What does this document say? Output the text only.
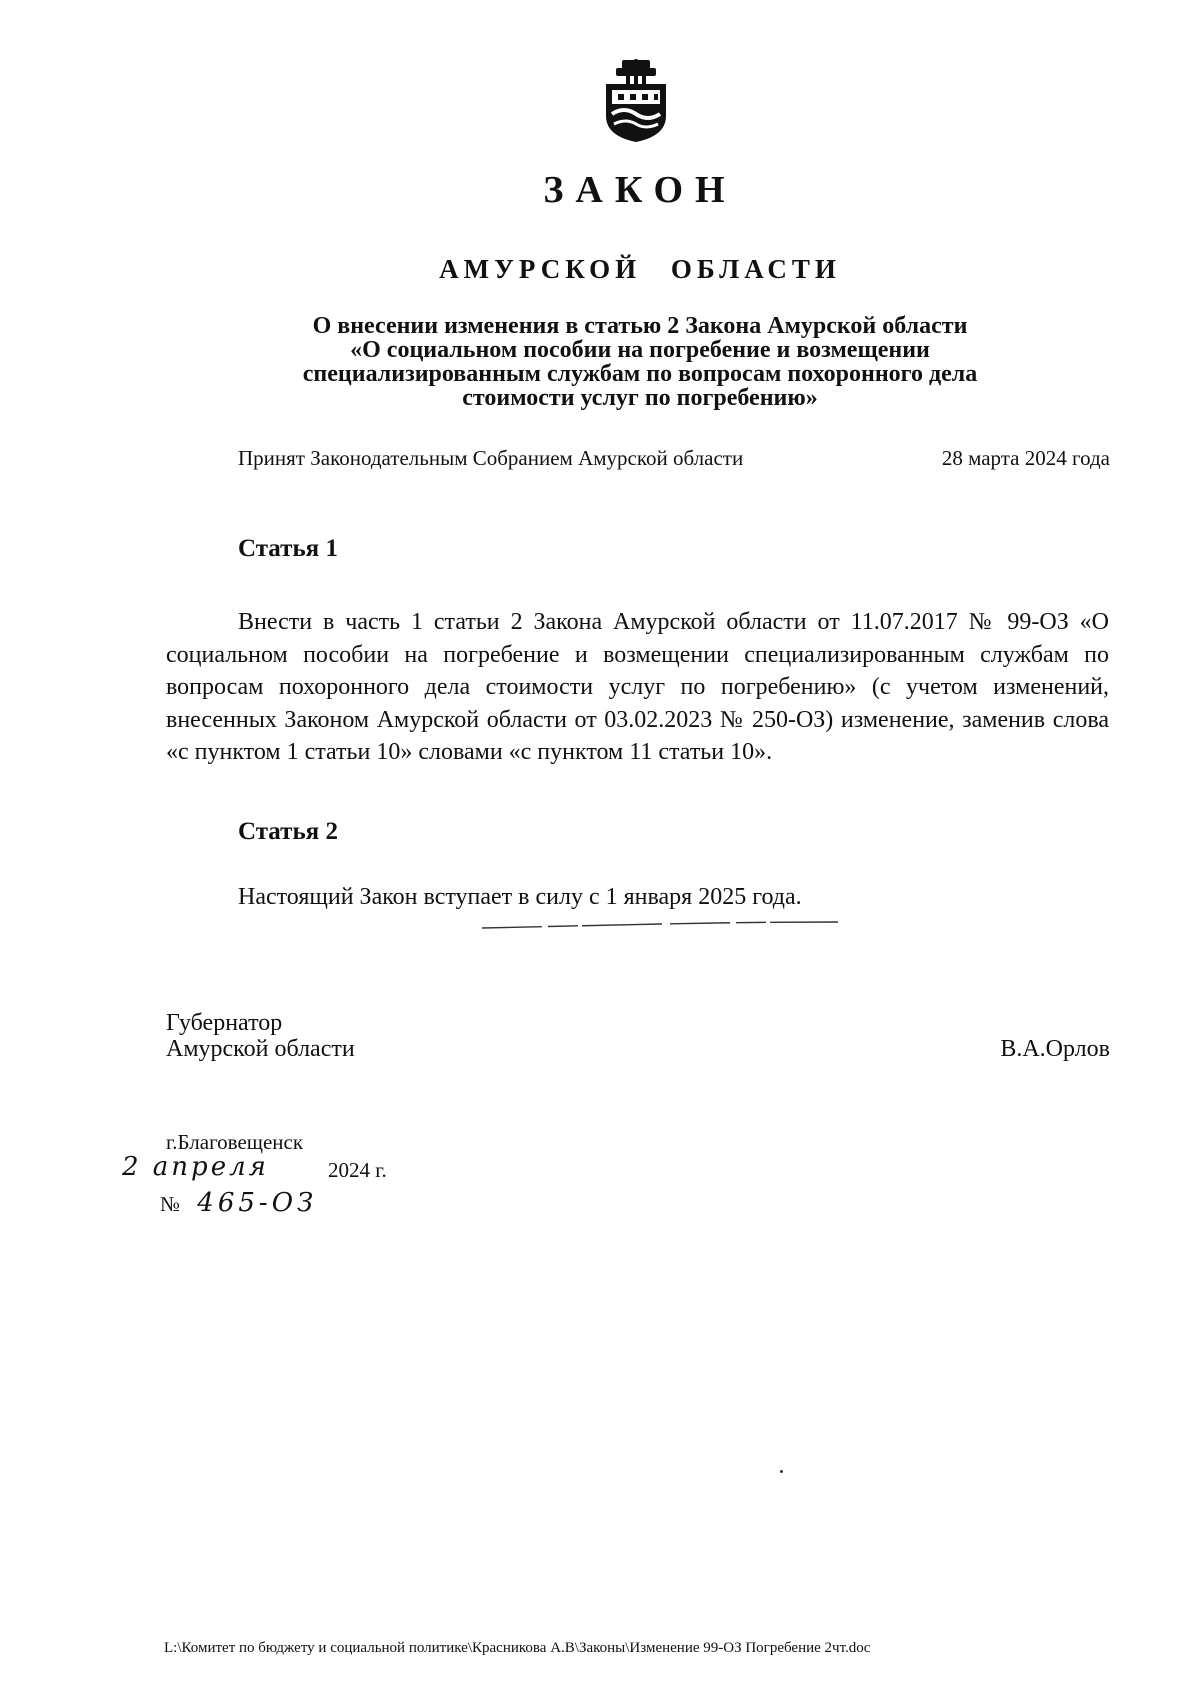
ЗАКОН
АМУРСКОЙ ОБЛАСТИ
О внесении изменения в статью 2 Закона Амурской области
«О социальном пособии на погребение и возмещении
специализированным службам по вопросам похоронного дела
стоимости услуг по погребению»
Принят Законодательным Собранием Амурской области	28 марта 2024 года
Статья 1
Внести в часть 1 статьи 2 Закона Амурской области от 11.07.2017 № 99-ОЗ «О социальном пособии на погребение и возмещении специализированным службам по вопросам похоронного дела стоимости услуг по погребению» (с учетом изменений, внесенных Законом Амурской области от 03.02.2023 № 250-ОЗ) изменение, заменив слова «с пунктом 1 статьи 10» словами «с пунктом 11 статьи 10».
Статья 2
Настоящий Закон вступает в силу с 1 января 2025 года.
Губернатор
Амурской области	В.А.Орлов
г.Благовещенск
2 апреля	2024 г.
№ 465-ОЗ
L:\Комитет по бюджету и социальной политике\Красникова А.В\Законы\Изменение 99-ОЗ Погребение 2чт.doc
